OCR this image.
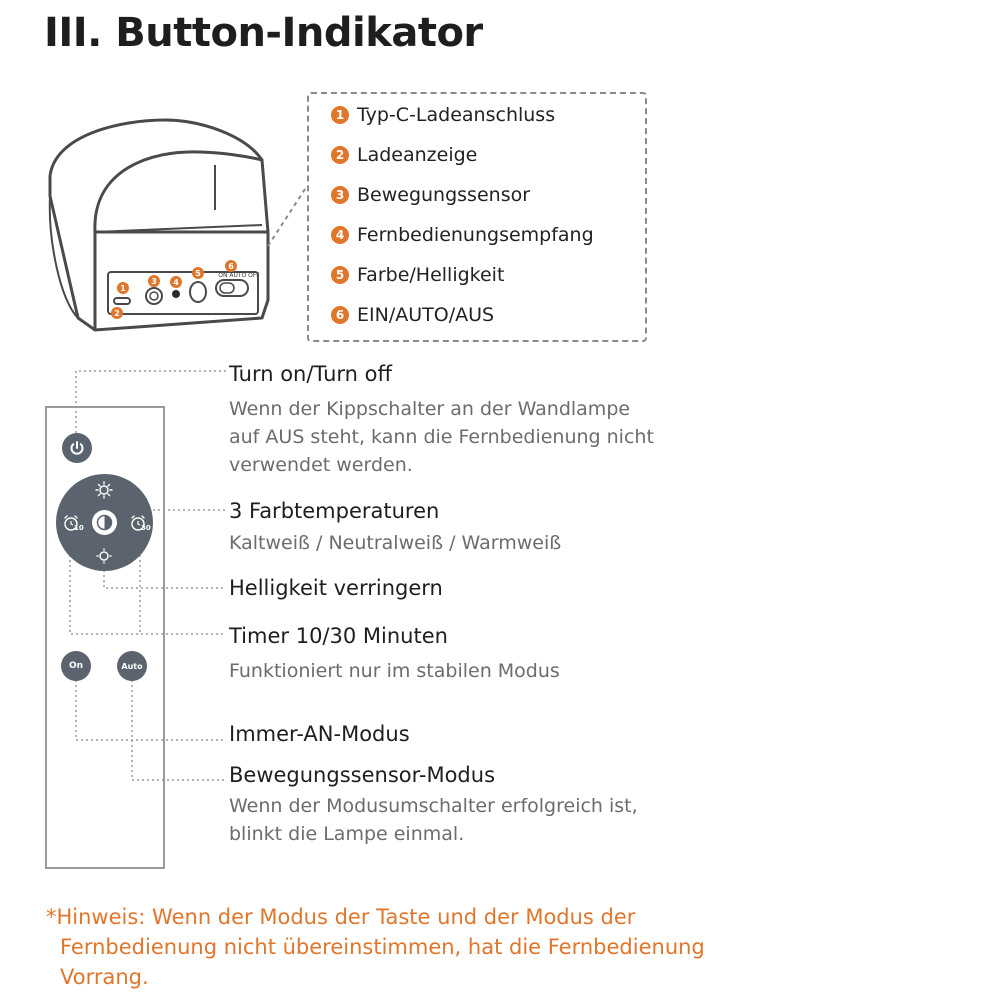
III. Button-Indikator
1
2
3 4
5
6
ON AUTO OFF
10	30
On	Auto
1 Typ-C-Ladeanschluss
2 Ladeanzeige
3 Bewegungssensor
4 Fernbedienungsempfang
5 Farbe/Helligkeit
6 EIN/AUTO/AUS
Turn on/Turn off
Wenn der Kippschalter an der Wandlampe
auf AUS steht, kann die Fernbedienung nicht
verwendet werden.
3 Farbtemperaturen
Kaltweiß / Neutralweiß / Warmweiß
Helligkeit verringern
Timer 10/30 Minuten
Funktioniert nur im stabilen Modus
Immer-AN-Modus
Bewegungssensor-Modus
Wenn der Modusumschalter erfolgreich ist,
blinkt die Lampe einmal.
*Hinweis: Wenn der Modus der Taste und der Modus der
Fernbedienung nicht übereinstimmen, hat die Fernbedienung
Vorrang.
